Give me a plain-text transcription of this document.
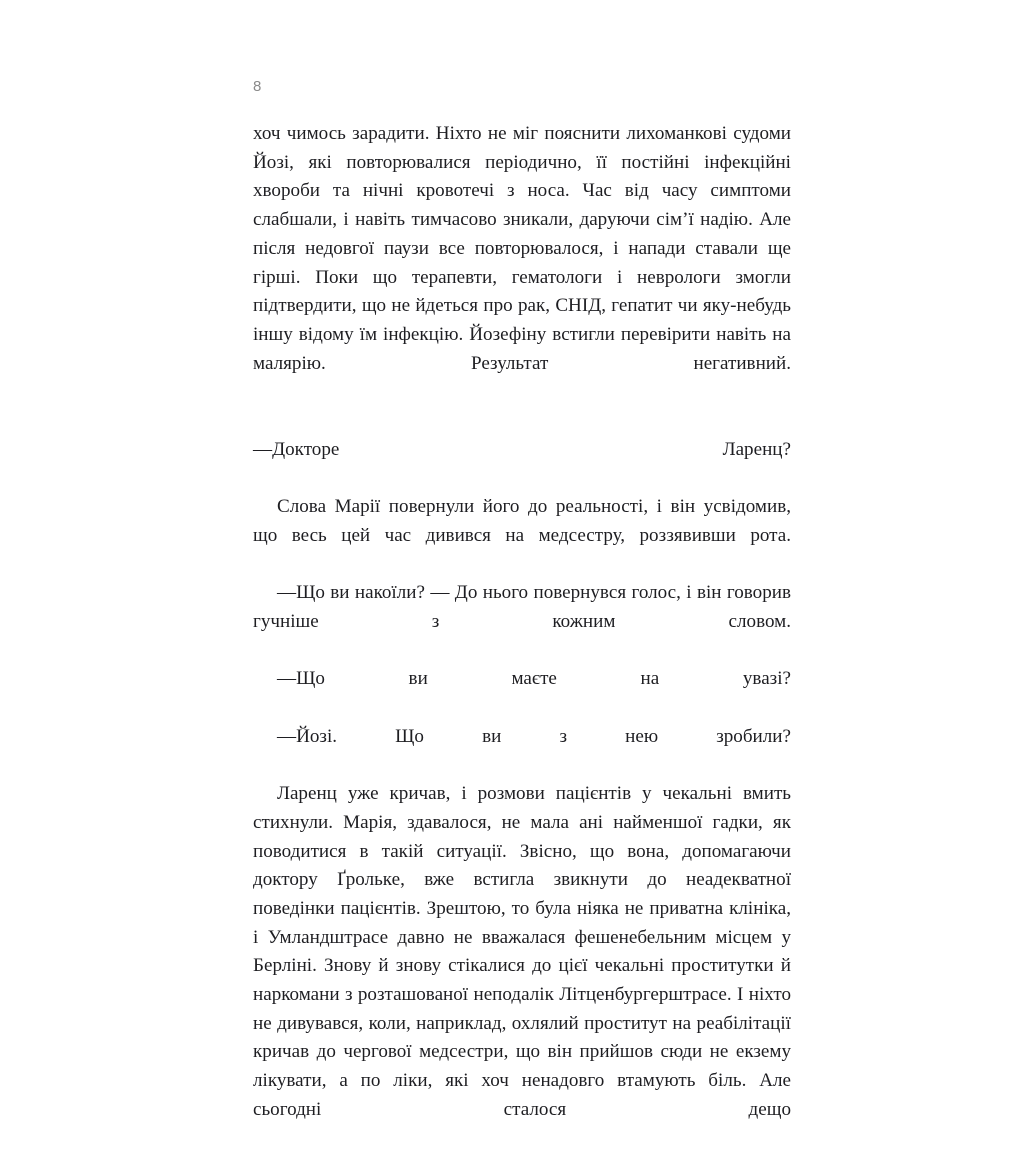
8

хоч чимось зарадити. Ніхто не міг пояснити лихоманкові судоми Йозі, які повторювалися періодично, її постійні інфекційні хвороби та нічні кровотечі з носа. Час від часу симптоми слабшали, і навіть тимчасово зникали, даруючи сім’ї надію. Але після недовгої паузи все повторювалося, і напади ставали ще гірші. Поки що терапевти, гематологи і неврологи змогли підтвердити, що не йдеться про рак, СНІД, гепатит чи яку-небудь іншу відому їм інфекцію. Йозефіну встигли перевірити навіть на малярію. Результат негативний.

—Докторе Ларенц?

Слова Марії повернули його до реальності, і він усвідомив, що весь цей час дивився на медсестру, роззявивши рота.

—Що ви накоїли? — До нього повернувся голос, і він говорив гучніше з кожним словом.

—Що ви маєте на увазі?

—Йозі. Що ви з нею зробили?

Ларенц уже кричав, і розмови пацієнтів у чекальні вмить стихнули. Марія, здавалося, не мала ані найменшої гадки, як поводитися в такій ситуації. Звісно, що вона, допомагаючи доктору Ґрольке, вже встигла звикнути до неадекватної поведінки пацієнтів. Зрештою, то була ніяка не приватна клініка, і Умландштрасе давно не вважалася фешенебельним місцем у Берліні. Знову й знову стікалися до цієї чекальні проститутки й наркомани з розташованої неподалік Літценбургерштрасе. І ніхто не дивувався, коли, наприклад, охлялий проститут на реабілітації кричав до чергової медсестри, що він прийшов сюди не екзему лікувати, а по ліки, які хоч ненадовго втамують біль. Але сьогодні сталося дещо
